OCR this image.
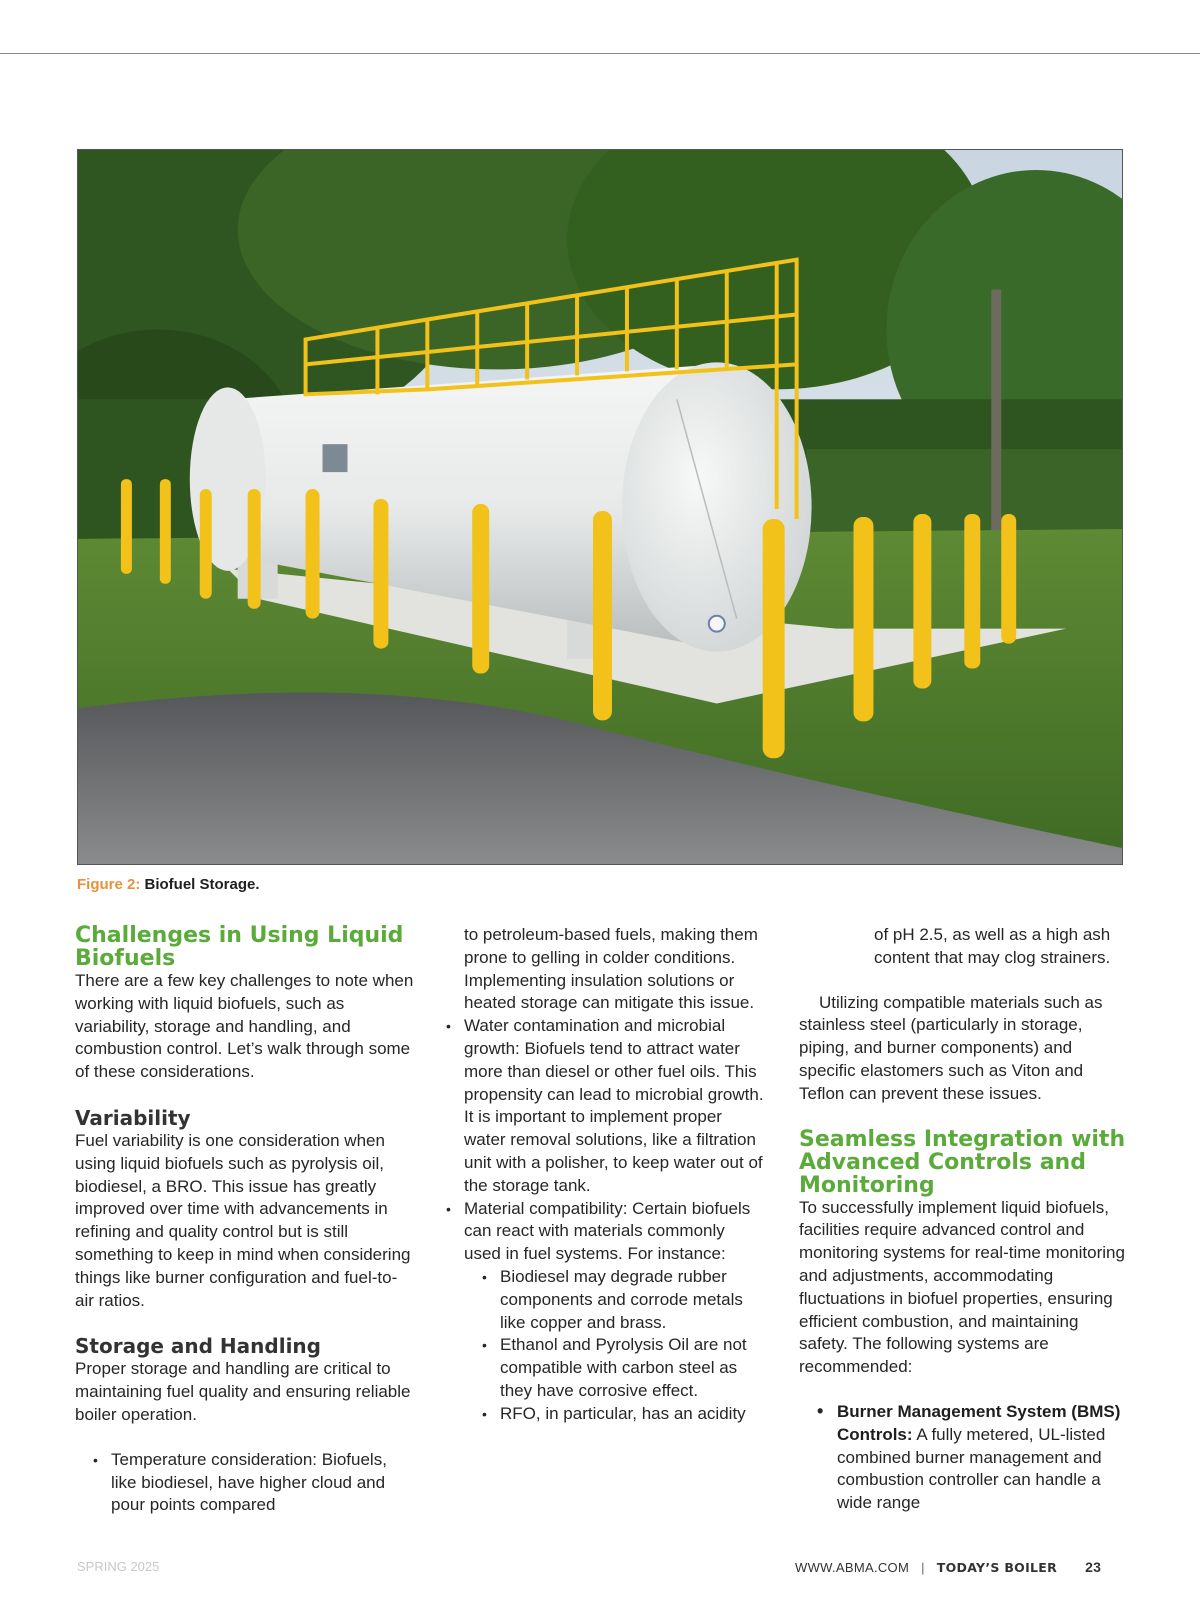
Figure 2: Biofuel Storage.
Challenges in Using Liquid Biofuels

There are a few key challenges to note when working with liquid biofuels, such as variability, storage and handling, and combustion control. Let’s walk through some of these considerations.

Variability

Fuel variability is one consideration when using liquid biofuels such as pyrolysis oil, biodiesel, a BRO. This issue has greatly improved over time with advancements in refining and quality control but is still something to keep in mind when considering things like burner configuration and fuel-to-air ratios.

Storage and Handling

Proper storage and handling are critical to maintaining fuel quality and ensuring reliable boiler operation.

• Temperature consideration: Biofuels, like biodiesel, have higher cloud and pour points compared

to petroleum-based fuels, making them prone to gelling in colder conditions. Implementing insulation solutions or heated storage can mitigate this issue.

• Water contamination and microbial growth: Biofuels tend to attract water more than diesel or other fuel oils. This propensity can lead to microbial growth. It is important to implement proper water removal solutions, like a filtration unit with a polisher, to keep water out of the storage tank.
• Material compatibility: Certain biofuels can react with materials commonly used in fuel systems. For instance:
• Biodiesel may degrade rubber components and corrode metals like copper and brass.
• Ethanol and Pyrolysis Oil are not compatible with carbon steel as they have corrosive effect.
• RFO, in particular, has an acidity

of pH 2.5, as well as a high ash content that may clog strainers.

Utilizing compatible materials such as stainless steel (particularly in storage, piping, and burner components) and specific elastomers such as Viton and Teflon can prevent these issues.

Seamless Integration with Advanced Controls and Monitoring

To successfully implement liquid biofuels, facilities require advanced control and monitoring systems for real-time monitoring and adjustments, accommodating fluctuations in biofuel properties, ensuring efficient combustion, and maintaining safety. The following systems are recommended:

• Burner Management System (BMS) Controls: A fully metered, UL-listed combined burner management and combustion controller can handle a wide range
SPRING 2025	WWW.ABMA.COM | TODAY’S BOILER 23
